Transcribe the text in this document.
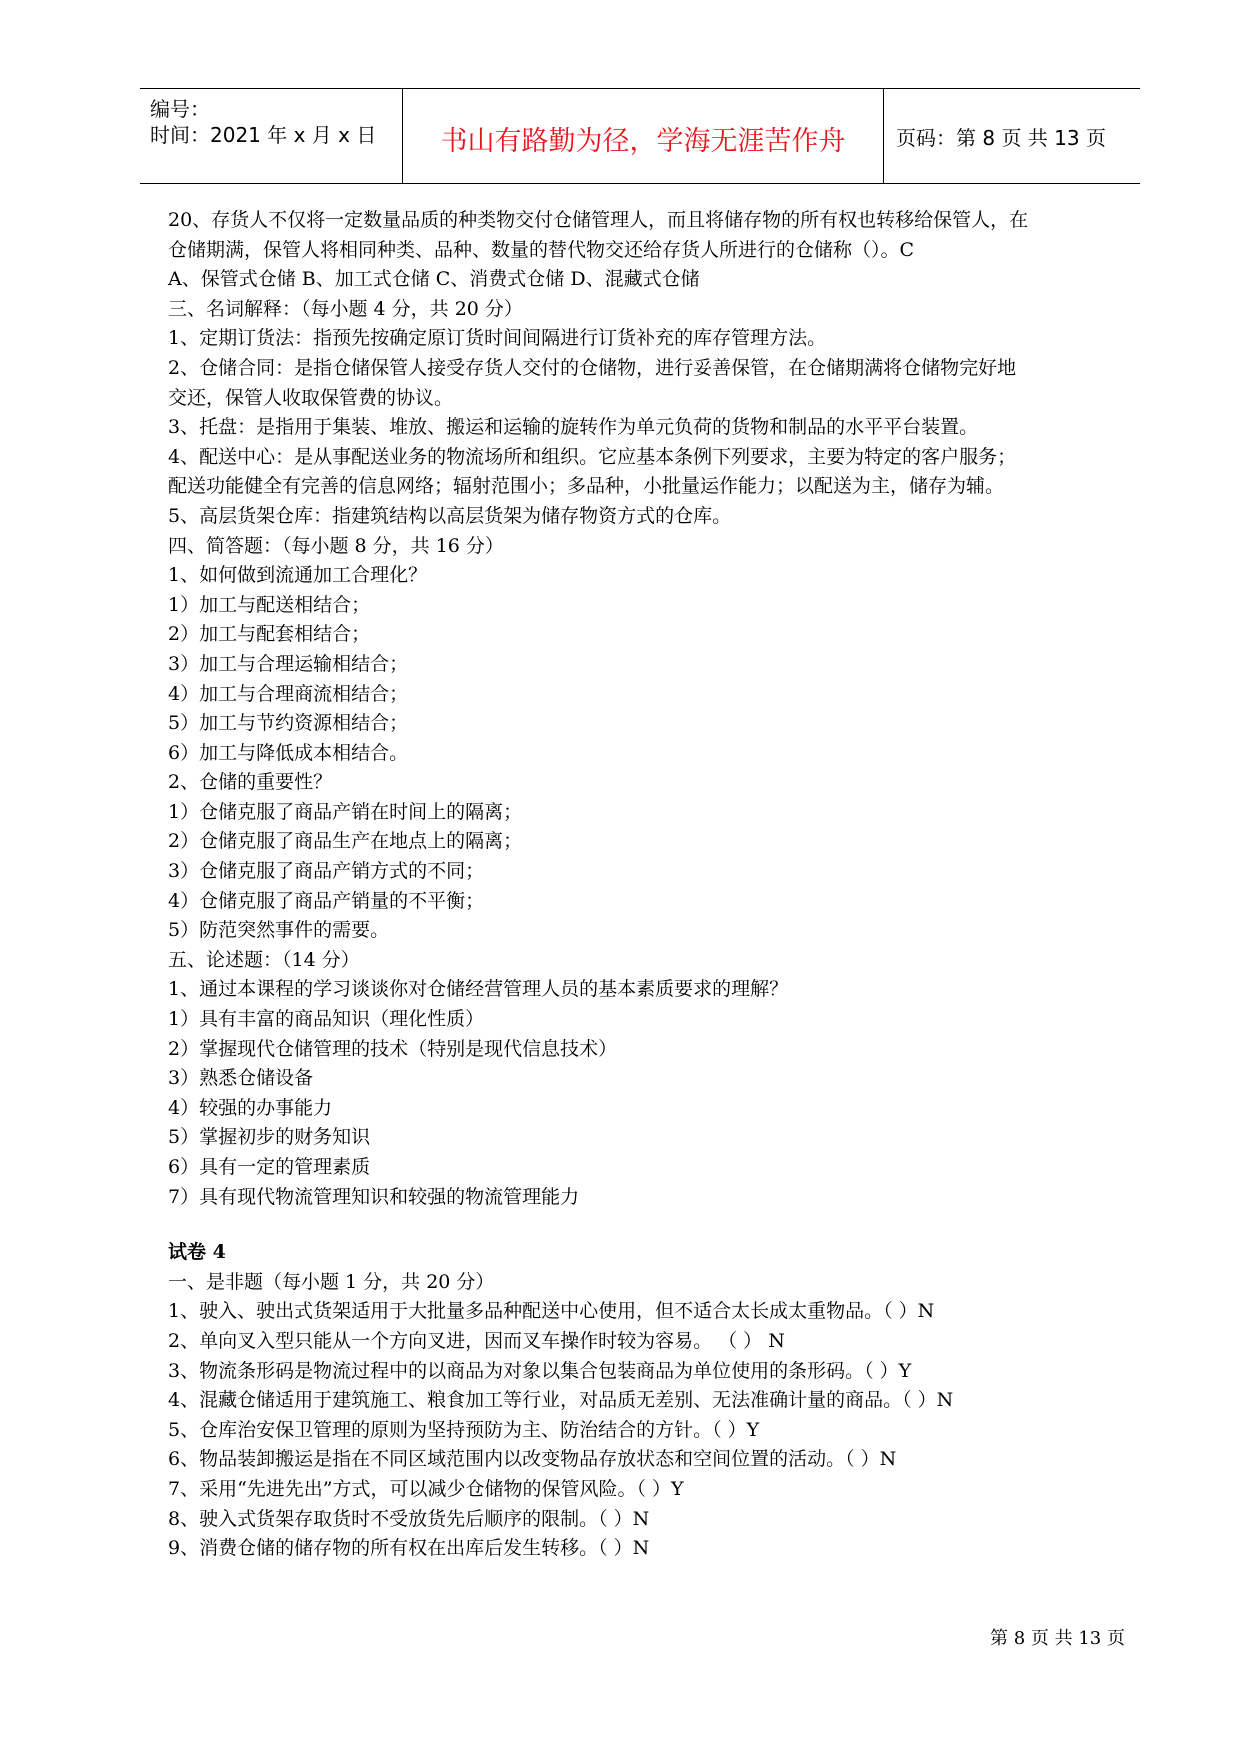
编号：
时间：2021 年 x 月 x 日	书山有路勤为径，学海无涯苦作舟	页码：第 8 页 共 13 页
20、存货人不仅将一定数量品质的种类物交付仓储管理人，而且将储存物的所有权也转移给保管人，在
仓储期满，保管人将相同种类、品种、数量的替代物交还给存货人所进行的仓储称（）。C
A、保管式仓储 B、加工式仓储 C、消费式仓储 D、混藏式仓储
三、名词解释：（每小题 4 分，共 20 分）
1、定期订货法：指预先按确定原订货时间间隔进行订货补充的库存管理方法。
2、仓储合同：是指仓储保管人接受存货人交付的仓储物，进行妥善保管，在仓储期满将仓储物完好地
交还，保管人收取保管费的协议。
3、托盘：是指用于集装、堆放、搬运和运输的旋转作为单元负荷的货物和制品的水平平台装置。
4、配送中心：是从事配送业务的物流场所和组织。它应基本条例下列要求，主要为特定的客户服务；
配送功能健全有完善的信息网络；辐射范围小；多品种，小批量运作能力；以配送为主，储存为辅。
5、高层货架仓库：指建筑结构以高层货架为储存物资方式的仓库。
四、简答题：（每小题 8 分，共 16 分）
1、如何做到流通加工合理化？
1）加工与配送相结合；
2）加工与配套相结合；
3）加工与合理运输相结合；
4）加工与合理商流相结合；
5）加工与节约资源相结合；
6）加工与降低成本相结合。
2、仓储的重要性？
1）仓储克服了商品产销在时间上的隔离；
2）仓储克服了商品生产在地点上的隔离；
3）仓储克服了商品产销方式的不同；
4）仓储克服了商品产销量的不平衡；
5）防范突然事件的需要。
五、论述题：（14 分）
1、通过本课程的学习谈谈你对仓储经营管理人员的基本素质要求的理解？
1）具有丰富的商品知识（理化性质）
2）掌握现代仓储管理的技术（特别是现代信息技术）
3）熟悉仓储设备
4）较强的办事能力
5）掌握初步的财务知识
6）具有一定的管理素质
7）具有现代物流管理知识和较强的物流管理能力
试卷 4
一、是非题（每小题 1 分，共 20 分）
1、驶入、驶出式货架适用于大批量多品种配送中心使用，但不适合太长成太重物品。（ ）N
2、单向叉入型只能从一个方向叉进，因而叉车操作时较为容易。 （ ） N
3、物流条形码是物流过程中的以商品为对象以集合包装商品为单位使用的条形码。（ ）Y
4、混藏仓储适用于建筑施工、粮食加工等行业，对品质无差别、无法准确计量的商品。（ ）N
5、仓库治安保卫管理的原则为坚持预防为主、防治结合的方针。（ ）Y
6、物品装卸搬运是指在不同区域范围内以改变物品存放状态和空间位置的活动。（ ）N
7、采用“先进先出”方式，可以减少仓储物的保管风险。（ ）Y
8、驶入式货架存取货时不受放货先后顺序的限制。（ ）N
9、消费仓储的储存物的所有权在出库后发生转移。（ ）N
第 8 页 共 13 页
